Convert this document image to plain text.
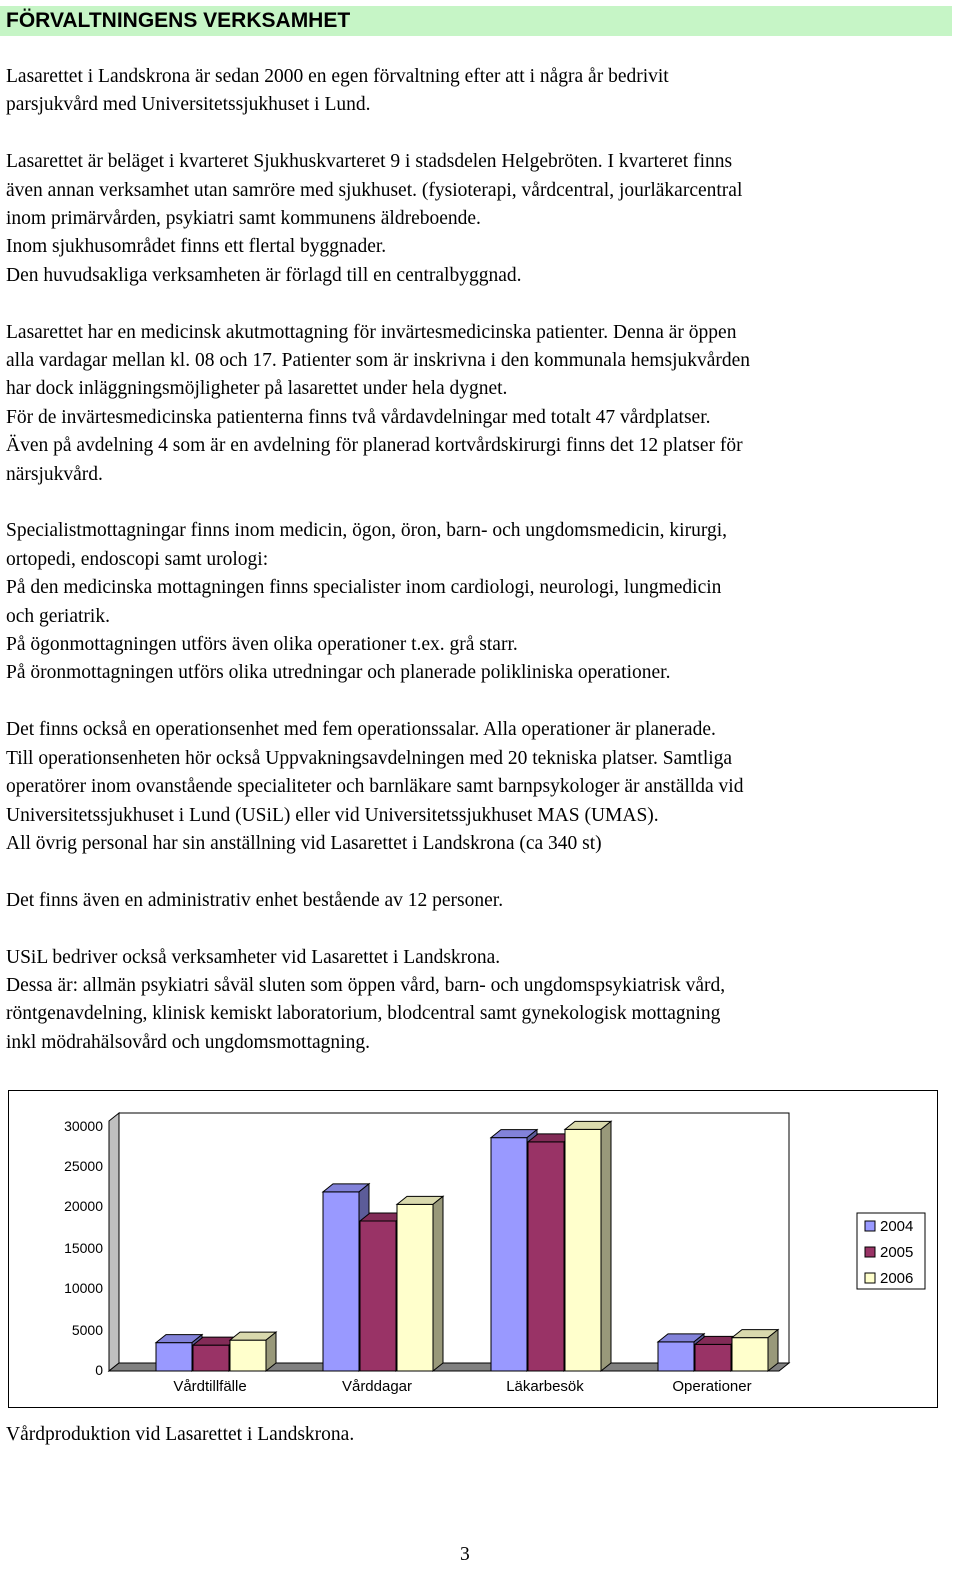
FÖRVALTNINGENS VERKSAMHET

Lasarettet i Landskrona är sedan 2000 en egen förvaltning efter att i några år bedrivit
parsjukvård med Universitetssjukhuset i Lund.

Lasarettet är beläget i kvarteret Sjukhuskvarteret 9 i stadsdelen Helgebröten. I kvarteret finns
även annan verksamhet utan samröre med sjukhuset. (fysioterapi, vårdcentral, jourläkarcentral
inom primärvården, psykiatri samt kommunens äldreboende.
Inom sjukhusområdet finns ett flertal byggnader.
Den huvudsakliga verksamheten är förlagd till en centralbyggnad.

Lasarettet har en medicinsk akutmottagning för invärtesmedicinska patienter. Denna är öppen
alla vardagar mellan kl. 08 och 17. Patienter som är inskrivna i den kommunala hemsjukvården
har dock inläggningsmöjligheter på lasarettet under hela dygnet.
För de invärtesmedicinska patienterna finns två vårdavdelningar med totalt 47 vårdplatser.
Även på avdelning 4 som är en avdelning för planerad kortvårdskirurgi finns det 12 platser för
närsjukvård.

Specialistmottagningar finns inom medicin, ögon, öron, barn- och ungdomsmedicin, kirurgi,
ortopedi, endoscopi samt urologi:
På den medicinska mottagningen finns specialister inom cardiologi, neurologi, lungmedicin
och geriatrik.
På ögonmottagningen utförs även olika operationer t.ex. grå starr.
På öronmottagningen utförs olika utredningar och planerade polikliniska operationer.

Det finns också en operationsenhet med fem operationssalar. Alla operationer är planerade.
Till operationsenheten hör också Uppvakningsavdelningen med 20 tekniska platser. Samtliga
operatörer inom ovanstående specialiteter och barnläkare samt barnpsykologer är anställda vid
Universitetssjukhuset i Lund (USiL) eller vid Universitetssjukhuset MAS (UMAS).
All övrig personal har sin anställning vid Lasarettet i Landskrona (ca 340 st)

Det finns även en administrativ enhet bestående av 12 personer.

USiL bedriver också verksamheter vid Lasarettet i Landskrona.
Dessa är: allmän psykiatri såväl sluten som öppen vård, barn- och ungdomspsykiatrisk vård,
röntgenavdelning, klinisk kemiskt laboratorium, blodcentral samt gynekologisk mottagning
inkl mödrahälsovård och ungdomsmottagning.

30000
25000
20000
15000
10000
5000
0
Vårdtillfälle	Vårddagar	Läkarbesök	Operationer
2004
2005
2006
Vårdproduktion vid Lasarettet i Landskrona.
3
